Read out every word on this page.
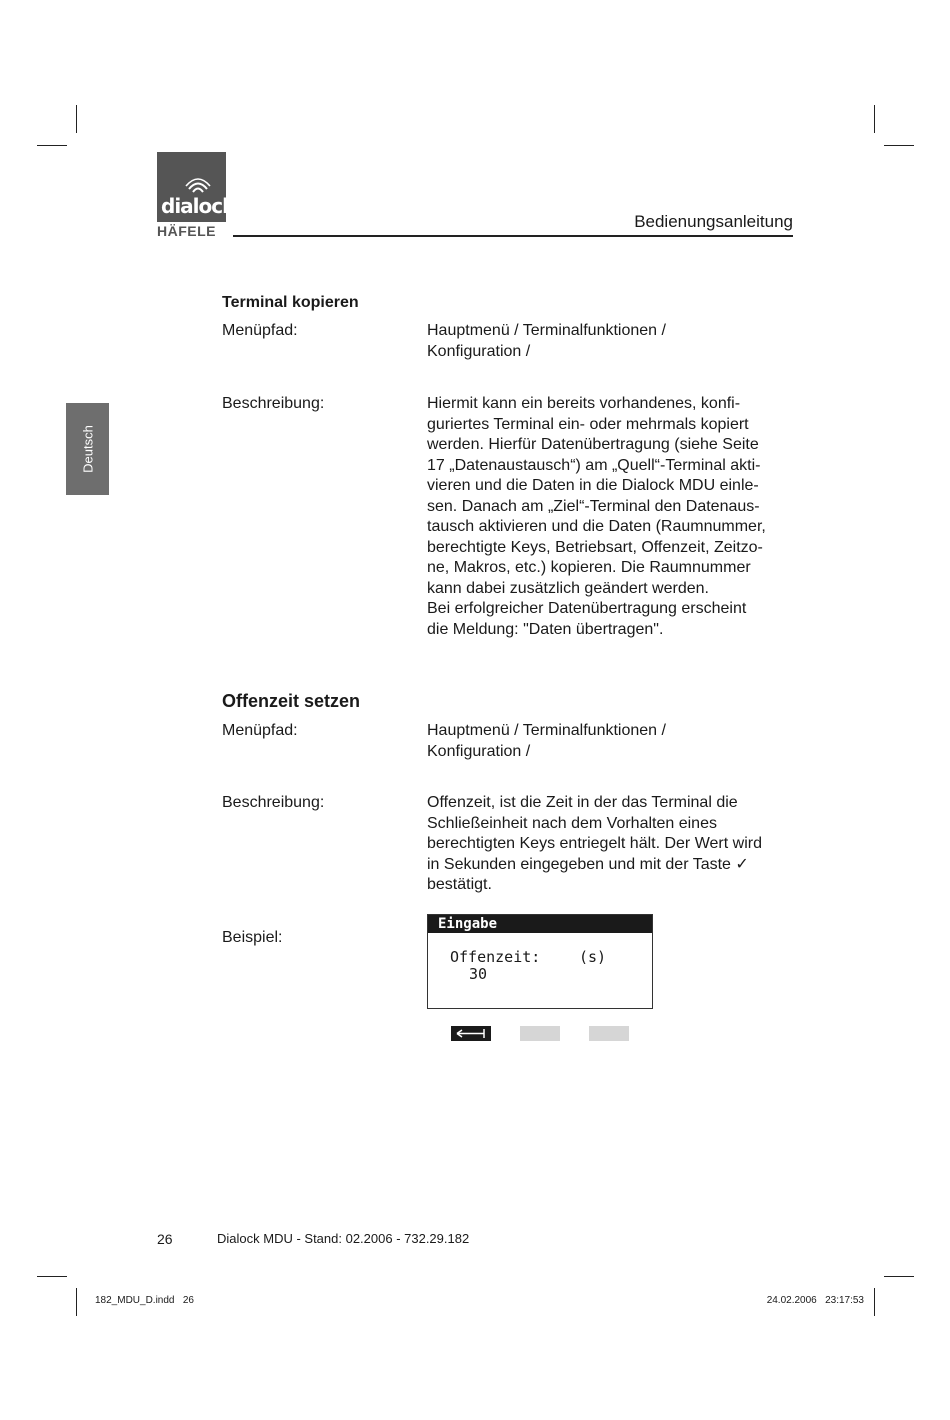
dialock
HÄFELE	Bedienungsanleitung
Deutsch
Terminal kopieren
Menüpfad:	Hauptmenü / Terminalfunktionen /
Konfiguration /
Beschreibung:	Hiermit kann ein bereits vorhandenes, konfi-
guriertes Terminal ein- oder mehrmals kopiert
werden. Hierfür Datenübertragung (siehe Seite
17 „Datenaustausch“) am „Quell“-Terminal akti-
vieren und die Daten in die Dialock MDU einle-
sen. Danach am „Ziel“-Terminal den Datenaus-
tausch aktivieren und die Daten (Raumnummer,
berechtigte Keys, Betriebsart, Offenzeit, Zeitzo-
ne, Makros, etc.) kopieren. Die Raumnummer
kann dabei zusätzlich geändert werden.
Bei erfolgreicher Datenübertragung erscheint
die Meldung: "Daten übertragen".
Offenzeit setzen
Menüpfad:	Hauptmenü / Terminalfunktionen /
Konfiguration /
Beschreibung:	Offenzeit, ist die Zeit in der das Terminal die
Schließeinheit nach dem Vorhalten eines
berechtigten Keys entriegelt hält. Der Wert wird
in Sekunden eingegeben und mit der Taste ✓
bestätigt.
Beispiel:
Eingabe
Offenzeit:	(s)
30
26	Dialock MDU - Stand: 02.2006 - 732.29.182
182_MDU_D.indd   26	24.02.2006   23:17:53
